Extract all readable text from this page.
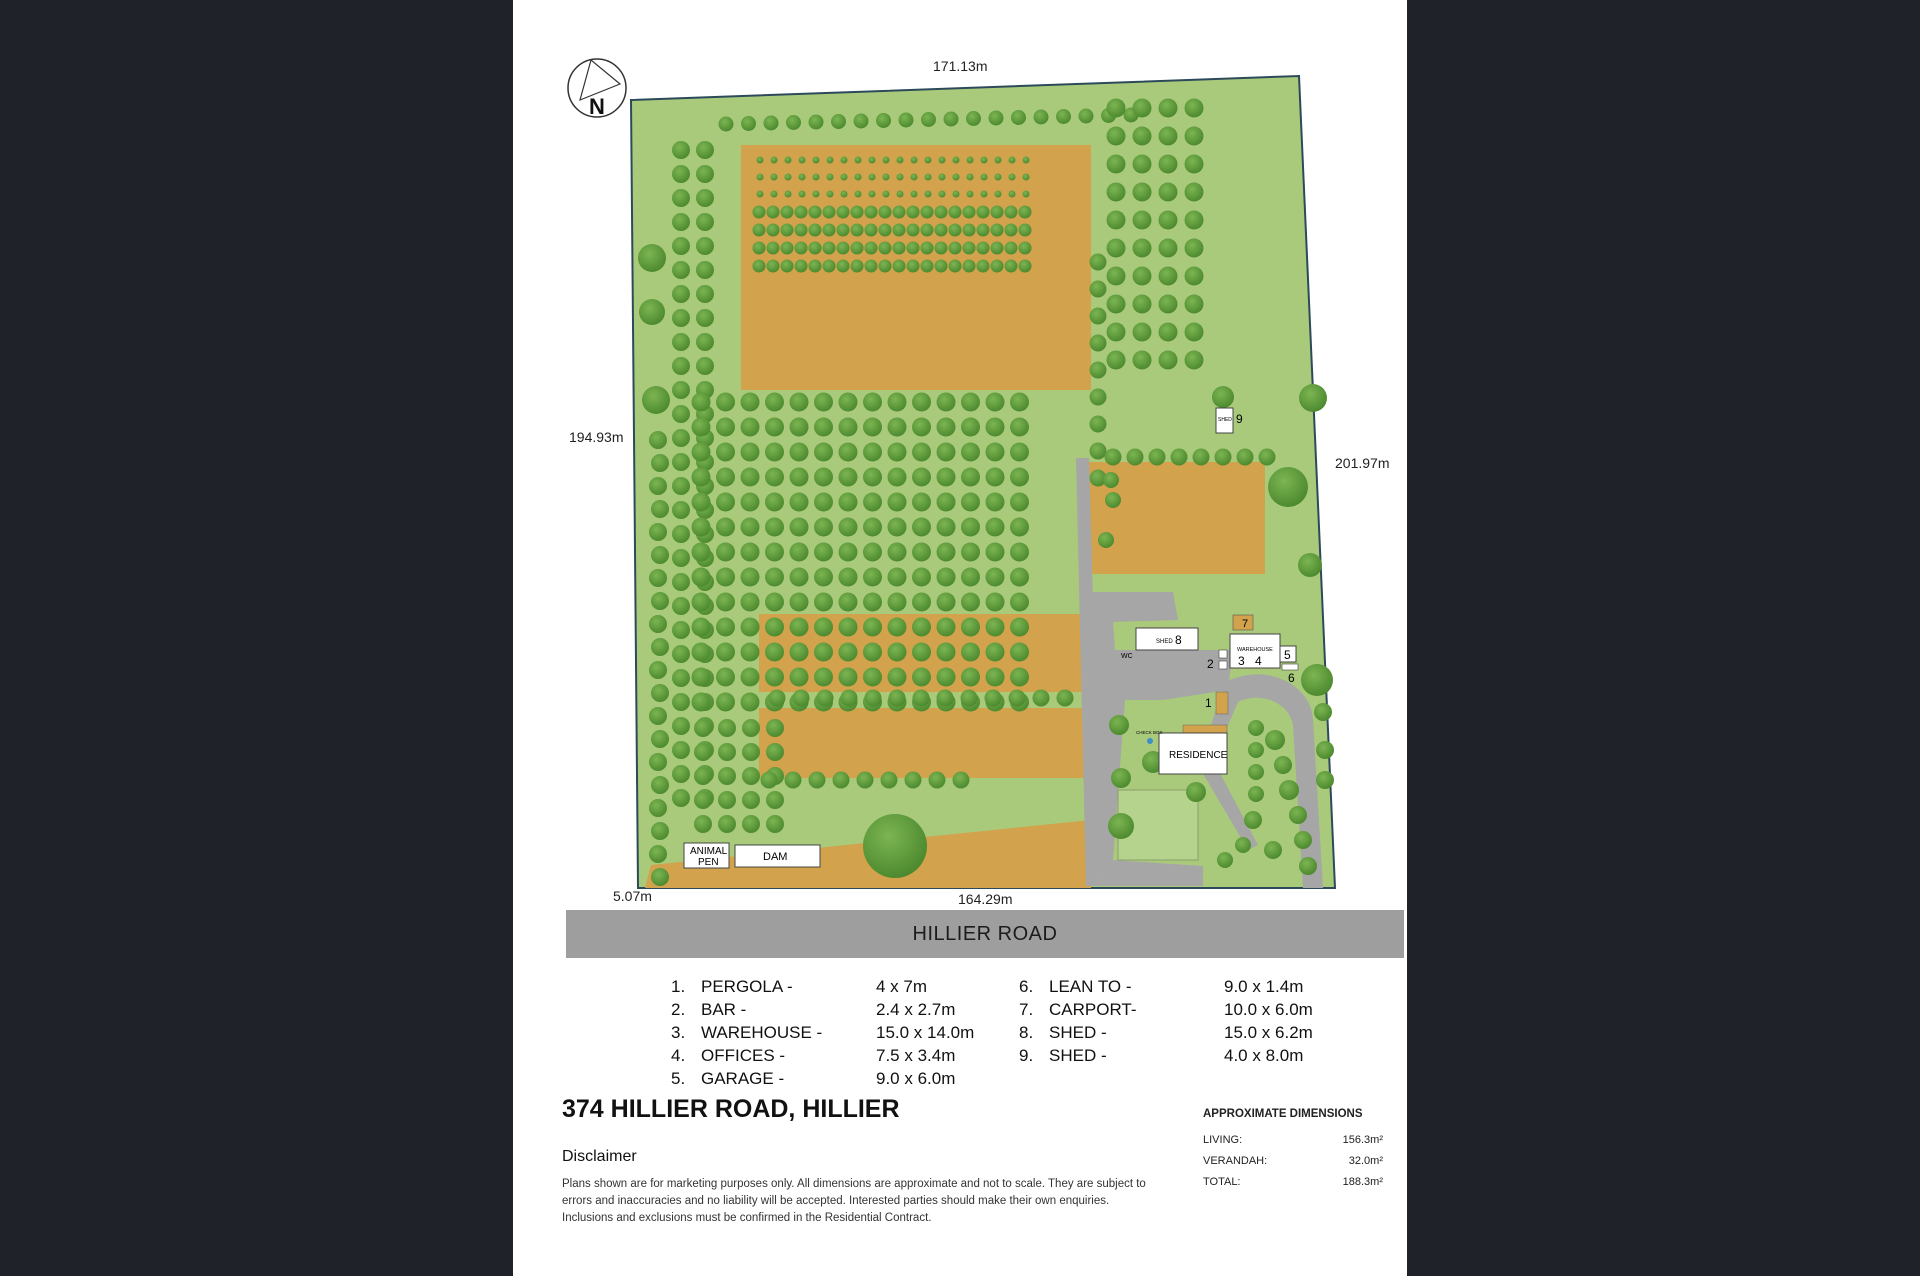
SHED 8
SHED 9
7
WAREHOUSE
3 4 5
6
2
1
WC
RESIDENCE
CHECK BOX
ANIMAL
PEN	DAM
N
171.13m
194.93m
201.97m
164.29m
5.07m
HILLIER ROAD
1. PERGOLA -	4 x 7m
2. BAR -	2.4 x 2.7m
3. WAREHOUSE -	15.0 x 14.0m
4. OFFICES -	7.5 x 3.4m
5. GARAGE -	9.0 x 6.0m
6. LEAN TO -	9.0 x 1.4m
7. CARPORT-	10.0 x 6.0m
8. SHED -	15.0 x 6.2m
9. SHED -	4.0 x 8.0m
374 HILLIER ROAD, HILLIER
Disclaimer
Plans shown are for marketing purposes only. All dimensions are approximate and not to scale. They are subject to errors and inaccuracies and no liability will be accepted. Interested parties should make their own enquiries. Inclusions and exclusions must be confirmed in the Residential Contract.
APPROXIMATE DIMENSIONS
LIVING:	156.3m²
VERANDAH:	32.0m²
TOTAL:	188.3m²
